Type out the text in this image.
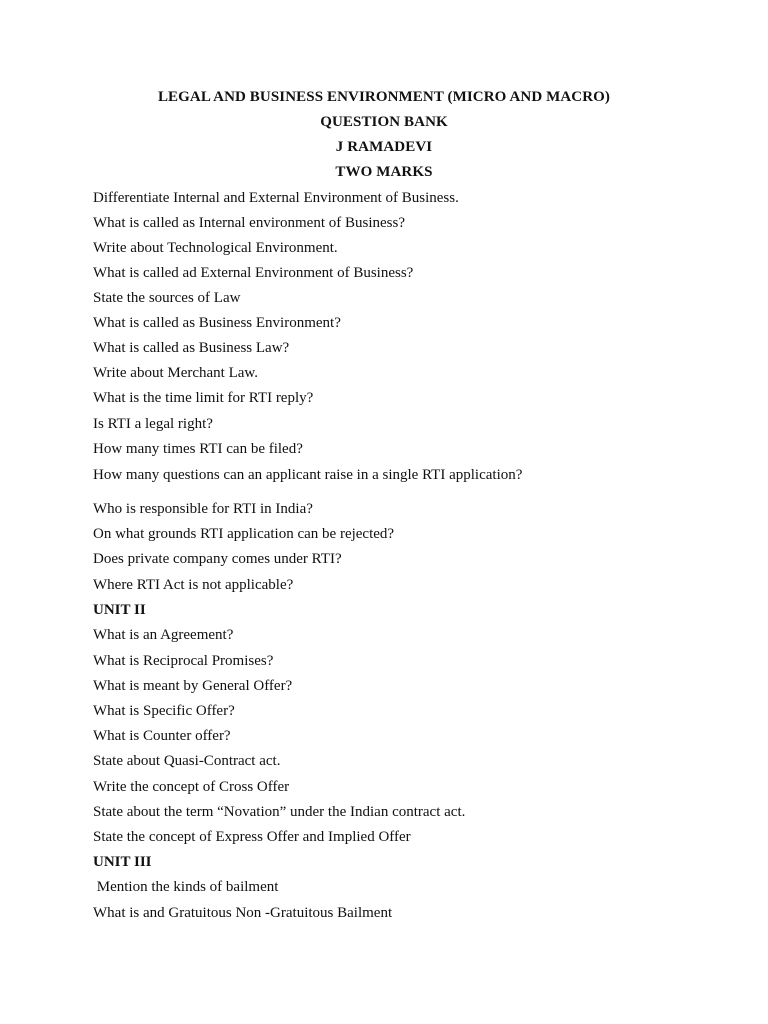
LEGAL AND BUSINESS ENVIRONMENT (MICRO AND MACRO)
QUESTION BANK
J RAMADEVI
TWO MARKS
Differentiate Internal and External Environment of Business.
What is called as Internal environment of Business?
Write about Technological Environment.
What is called ad External Environment of Business?
State the sources of Law
What is called as Business Environment?
What is called as Business Law?
Write about Merchant Law.
What is the time limit for RTI reply?
Is RTI a legal right?
How many times RTI can be filed?
How many questions can an applicant raise in a single RTI application?
Who is responsible for RTI in India?
On what grounds RTI application can be rejected?
Does private company comes under RTI?
Where RTI Act is not applicable?
UNIT II
What is an Agreement?
What is Reciprocal Promises?
What is meant by General Offer?
What is Specific Offer?
What is Counter offer?
State about Quasi-Contract act.
Write the concept of Cross Offer
State about the term “Novation” under the Indian contract act.
State the concept of Express Offer and Implied Offer
UNIT III
Mention the kinds of bailment
What is and Gratuitous Non -Gratuitous Bailment
